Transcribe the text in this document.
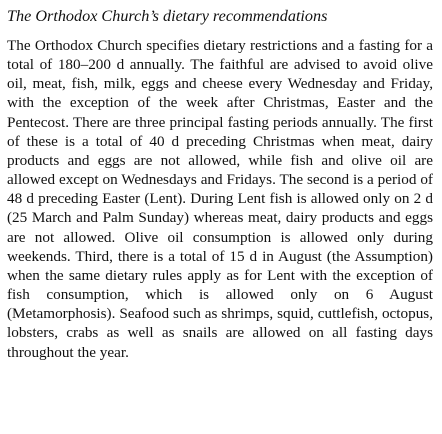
The Orthodox Church’s dietary recommendations

The Orthodox Church specifies dietary restrictions and a fasting for a total of 180–200 d annually. The faithful are advised to avoid olive oil, meat, fish, milk, eggs and cheese every Wednesday and Friday, with the exception of the week after Christmas, Easter and the Pentecost. There are three principal fasting periods annually. The first of these is a total of 40 d preceding Christmas when meat, dairy products and eggs are not allowed, while fish and olive oil are allowed except on Wednesdays and Fridays. The second is a period of 48 d preceding Easter (Lent). During Lent fish is allowed only on 2 d (25 March and Palm Sunday) whereas meat, dairy products and eggs are not allowed. Olive oil consumption is allowed only during weekends. Third, there is a total of 15 d in August (the Assumption) when the same dietary rules apply as for Lent with the exception of fish consumption, which is allowed only on 6 August (Metamorphosis). Seafood such as shrimps, squid, cuttlefish, octopus, lobsters, crabs as well as snails are allowed on all fasting days throughout the year.
